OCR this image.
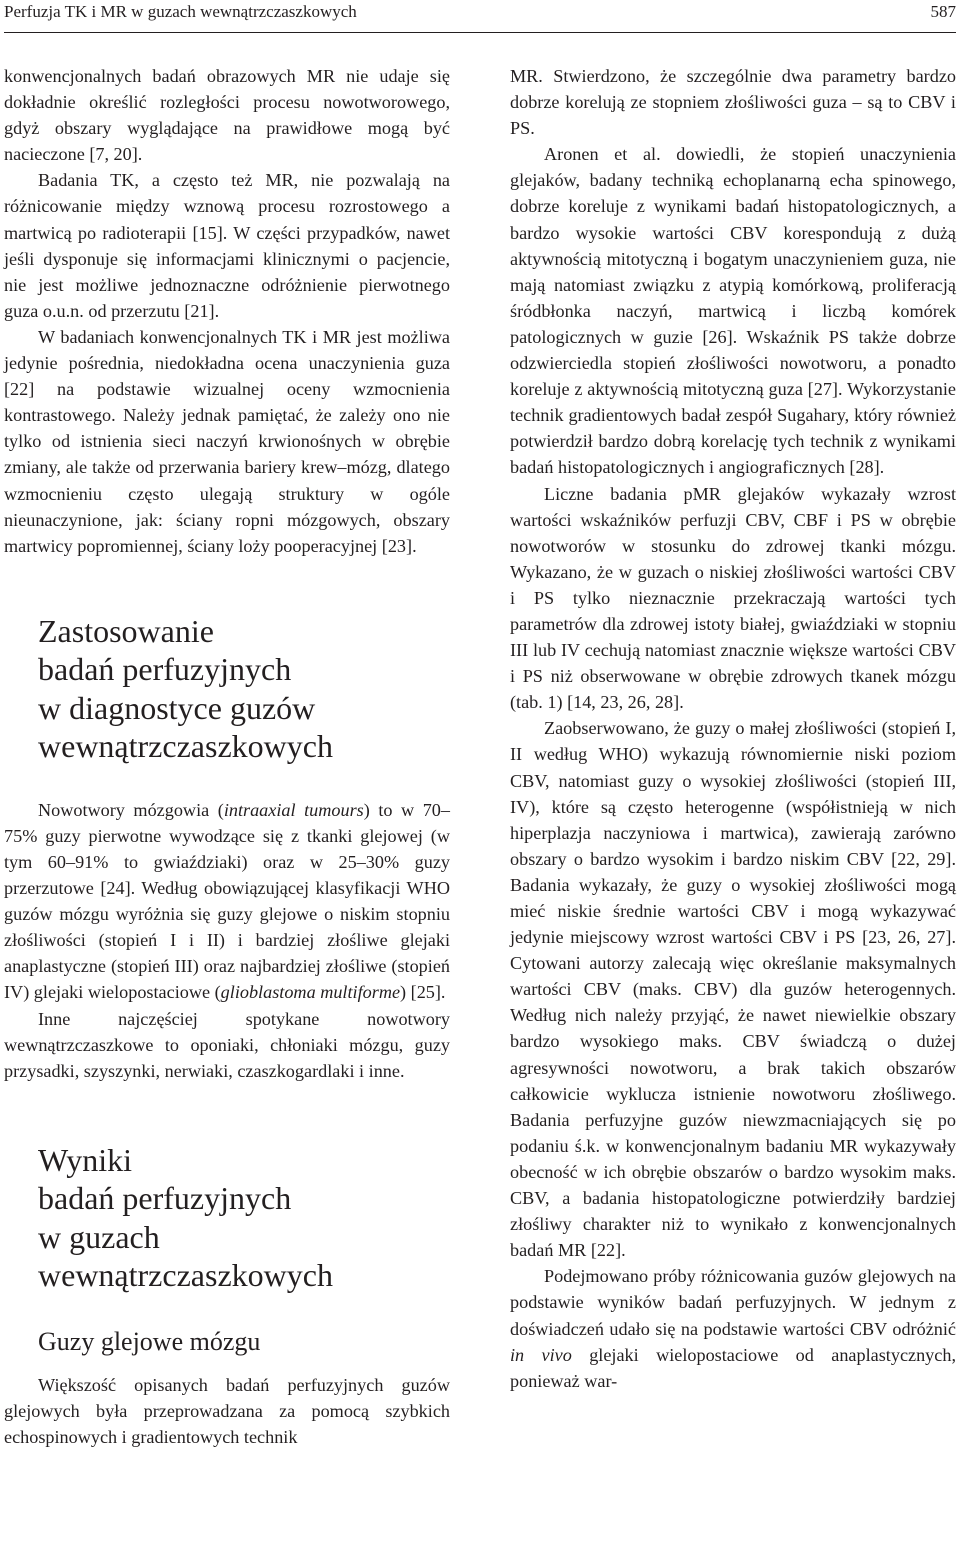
Perfuzja TK i MR w guzach wewnątrzczaszkowych	587

konwencjonalnych badań obrazowych MR nie udaje się dokładnie określić rozległości procesu nowotworowego, gdyż obszary wyglądające na prawidłowe mogą być nacieczone [7, 20].

Badania TK, a często też MR, nie pozwalają na różnicowanie między wznową procesu rozrostowego a martwicą po radioterapii [15]. W części przypadków, nawet jeśli dysponuje się informacjami klinicznymi o pacjencie, nie jest możliwe jednoznaczne odróżnienie pierwotnego guza o.u.n. od przerzutu [21].

W badaniach konwencjonalnych TK i MR jest możliwa jedynie pośrednia, niedokładna ocena unaczynienia guza [22] na podstawie wizualnej oceny wzmocnienia kontrastowego. Należy jednak pamiętać, że zależy ono nie tylko od istnienia sieci naczyń krwionośnych w obrębie zmiany, ale także od przerwania bariery krew–mózg, dlatego wzmocnieniu często ulegają struktury w ogóle nieunaczynione, jak: ściany ropni mózgowych, obszary martwicy popromiennej, ściany loży pooperacyjnej [23].

Zastosowanie
badań perfuzyjnych
w diagnostyce guzów
wewnątrzczaszkowych

Nowotwory mózgowia (intraaxial tumours) to w 70–75% guzy pierwotne wywodzące się z tkanki glejowej (w tym 60–91% to gwiaździaki) oraz w 25–30% guzy przerzutowe [24]. Według obowiązującej klasyfikacji WHO guzów mózgu wyróżnia się guzy glejowe o niskim stopniu złośliwości (stopień I i II) i bardziej złośliwe glejaki anaplastyczne (stopień III) oraz najbardziej złośliwe (stopień IV) glejaki wielopostaciowe (glioblastoma multiforme) [25].

Inne najczęściej spotykane nowotwory wewnątrzczaszkowe to oponiaki, chłoniaki mózgu, guzy przysadki, szyszynki, nerwiaki, czaszkogardlaki i inne.

Wyniki
badań perfuzyjnych
w guzach
wewnątrzczaszkowych
Guzy glejowe mózgu

Większość opisanych badań perfuzyjnych guzów glejowych była przeprowadzana za pomocą szybkich echospinowych i gradientowych technik

MR. Stwierdzono, że szczególnie dwa parametry bardzo dobrze korelują ze stopniem złośliwości guza – są to CBV i PS.

Aronen et al. dowiedli, że stopień unaczynienia glejaków, badany techniką echoplanarną echa spinowego, dobrze koreluje z wynikami badań histopatologicznych, a bardzo wysokie wartości CBV korespondują z dużą aktywnością mitotyczną i bogatym unaczynieniem guza, nie mają natomiast związku z atypią komórkową, proliferacją śródbłonka naczyń, martwicą i liczbą komórek patologicznych w guzie [26]. Wskaźnik PS także dobrze odzwierciedla stopień złośliwości nowotworu, a ponadto koreluje z aktywnością mitotyczną guza [27]. Wykorzystanie technik gradientowych badał zespół Sugahary, który również potwierdził bardzo dobrą korelację tych technik z wynikami badań histopatologicznych i angiograficznych [28].

Liczne badania pMR glejaków wykazały wzrost wartości wskaźników perfuzji CBV, CBF i PS w obrębie nowotworów w stosunku do zdrowej tkanki mózgu. Wykazano, że w guzach o niskiej złośliwości wartości CBV i PS tylko nieznacznie przekraczają wartości tych parametrów dla zdrowej istoty białej, gwiaździaki w stopniu III lub IV cechują natomiast znacznie większe wartości CBV i PS niż obserwowane w obrębie zdrowych tkanek mózgu (tab. 1) [14, 23, 26, 28].

Zaobserwowano, że guzy o małej złośliwości (stopień I, II według WHO) wykazują równomiernie niski poziom CBV, natomiast guzy o wysokiej złośliwości (stopień III, IV), które są często heterogenne (współistnieją w nich hiperplazja naczyniowa i martwica), zawierają zarówno obszary o bardzo wysokim i bardzo niskim CBV [22, 29]. Badania wykazały, że guzy o wysokiej złośliwości mogą mieć niskie średnie wartości CBV i mogą wykazywać jedynie miejscowy wzrost wartości CBV i PS [23, 26, 27]. Cytowani autorzy zalecają więc określanie maksymalnych wartości CBV (maks. CBV) dla guzów heterogennych. Według nich należy przyjąć, że nawet niewielkie obszary bardzo wysokiego maks. CBV świadczą o dużej agresywności nowotworu, a brak takich obszarów całkowicie wyklucza istnienie nowotworu złośliwego. Badania perfuzyjne guzów niewzmacniających się po podaniu ś.k. w konwencjonalnym badaniu MR wykazywały obecność w ich obrębie obszarów o bardzo wysokim maks. CBV, a badania histopatologiczne potwierdziły bardziej złośliwy charakter niż to wynikało z konwencjonalnych badań MR [22].

Podejmowano próby różnicowania guzów glejowych na podstawie wyników badań perfuzyjnych. W jednym z doświadczeń udało się na podstawie wartości CBV odróżnić in vivo glejaki wielopostaciowe od anaplastycznych, ponieważ war-
